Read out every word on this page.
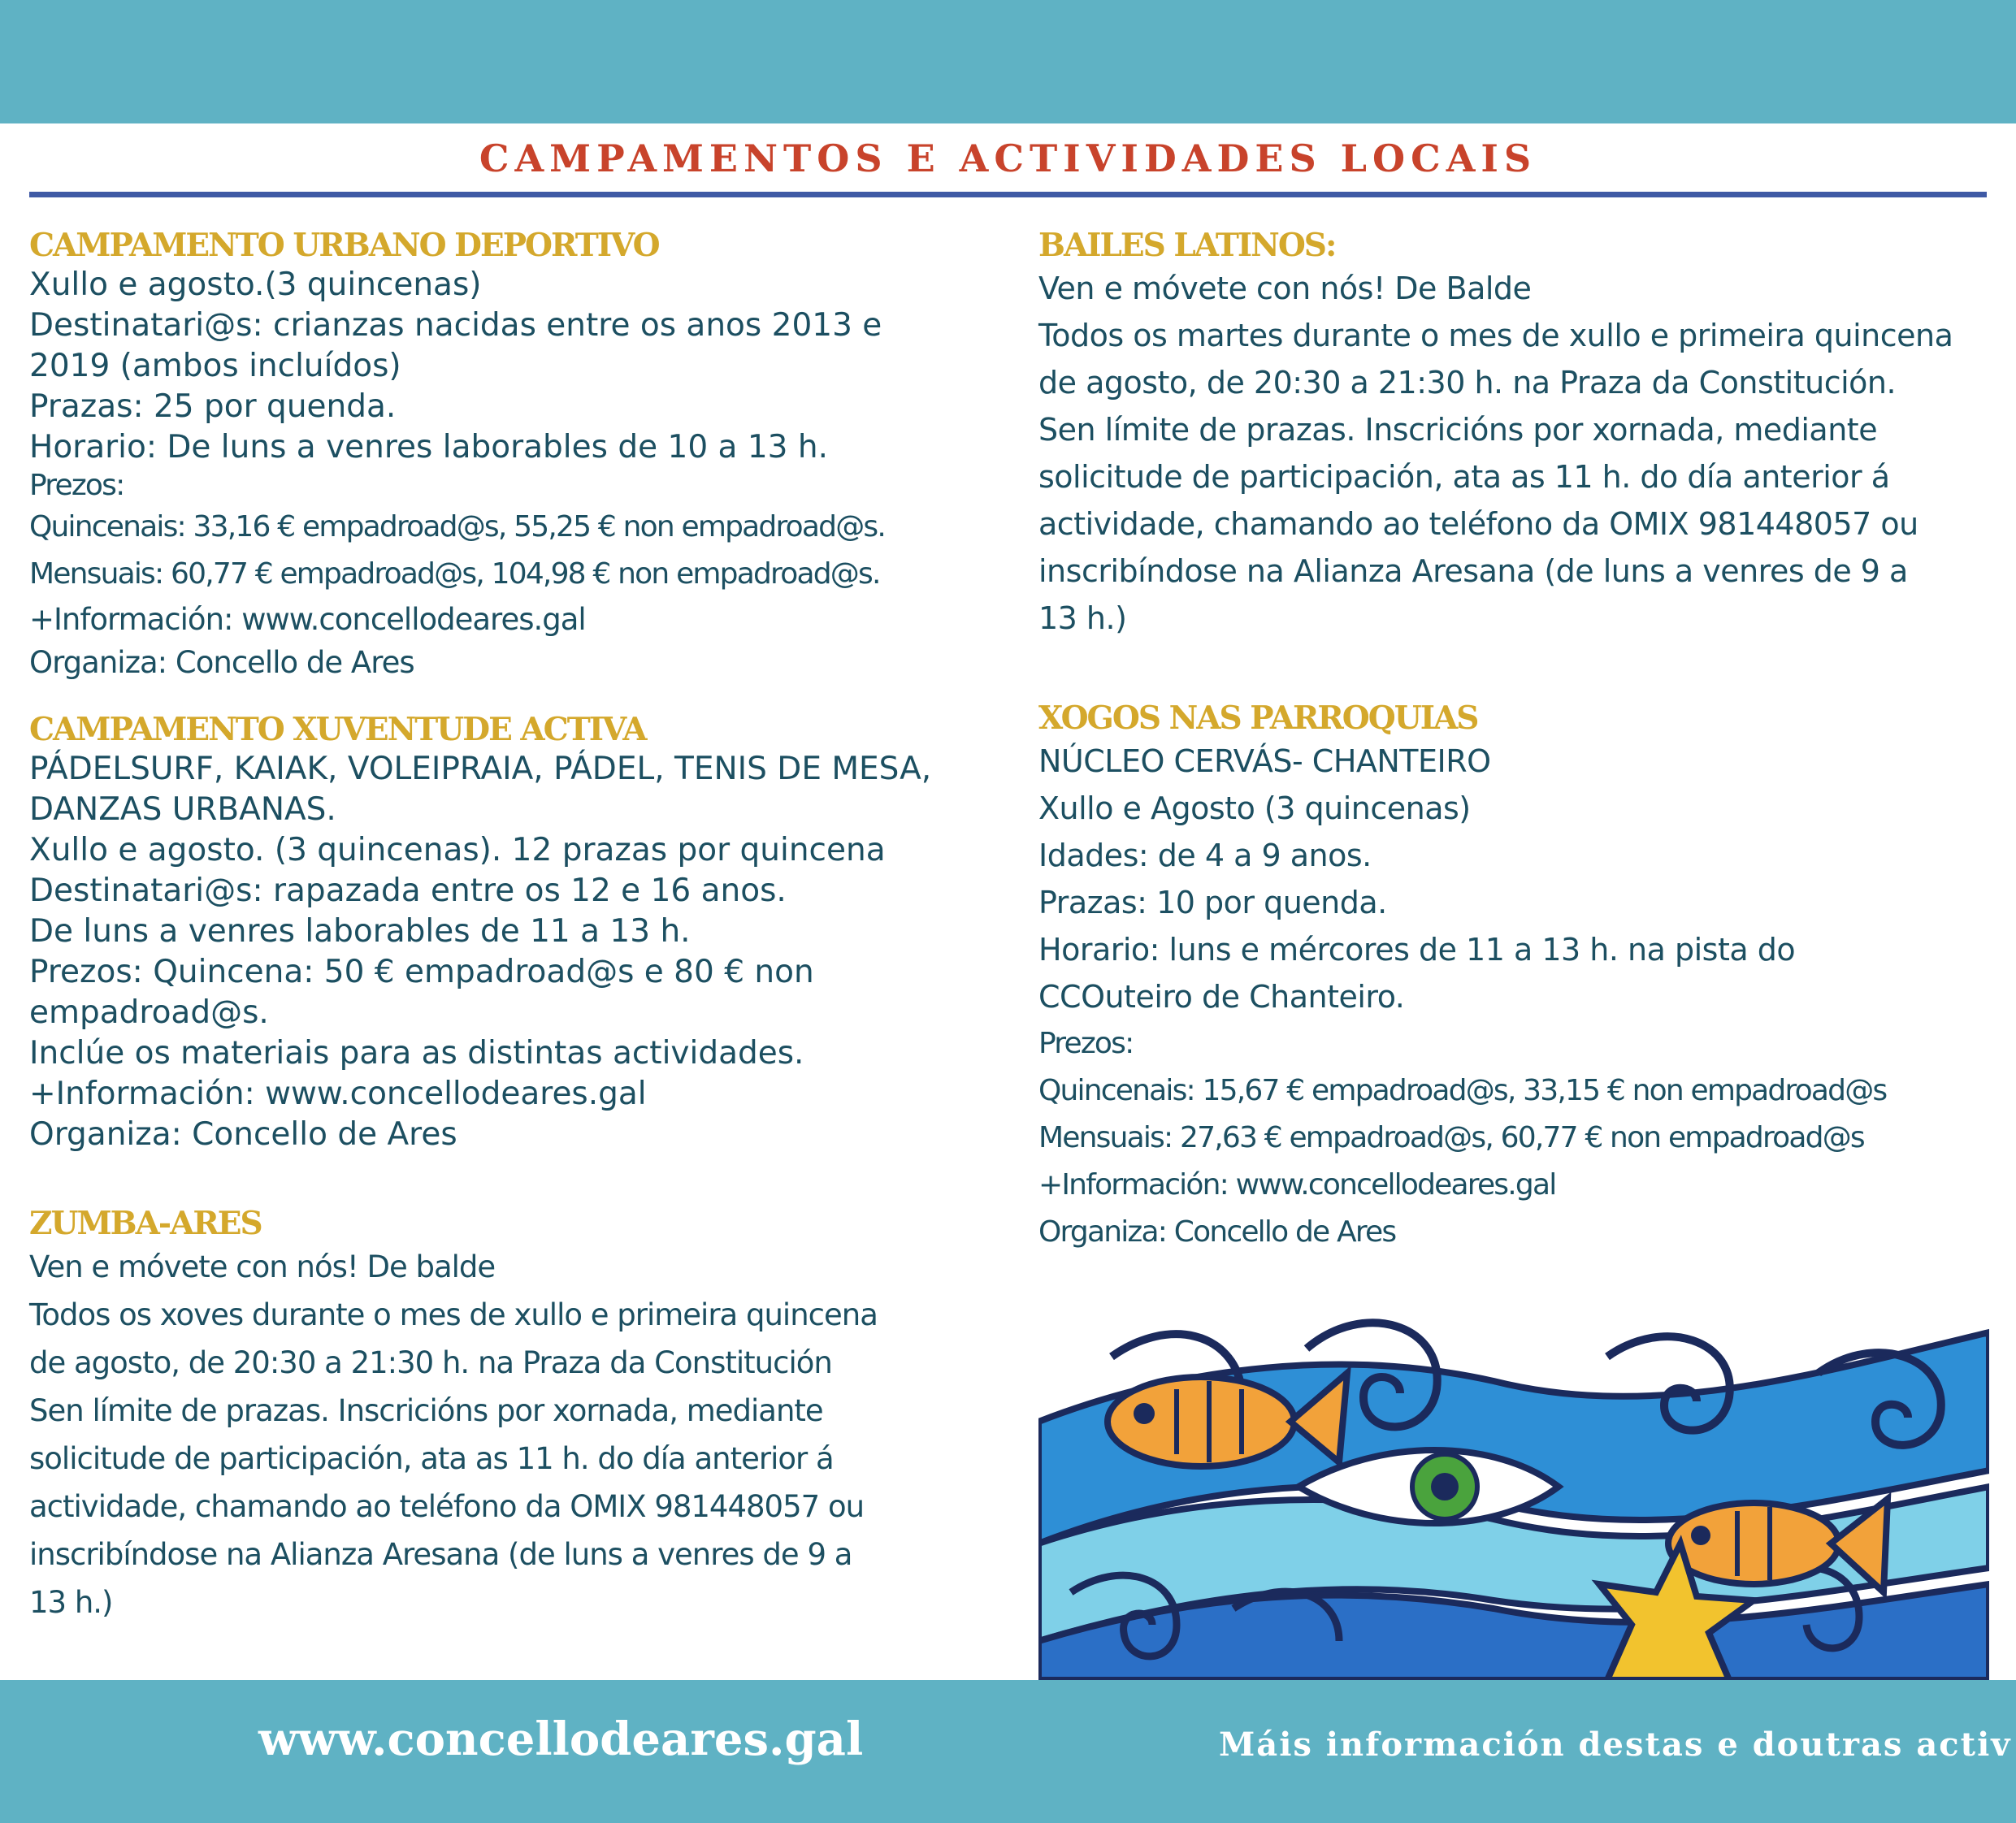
CAMPAMENTOS E ACTIVIDADES LOCAIS
CAMPAMENTO URBANO DEPORTIVO
Xullo e agosto.(3 quincenas)
Destinatari@s: crianzas nacidas entre os anos 2013 e
2019 (ambos incluídos)
Prazas: 25 por quenda.
Horario: De luns a venres laborables de 10 a 13 h.
Prezos:
Quincenais: 33,16 € empadroad@s, 55,25 € non empadroad@s.
Mensuais: 60,77 € empadroad@s, 104,98 € non empadroad@s.
+Información: www.concellodeares.gal
Organiza: Concello de Ares
CAMPAMENTO XUVENTUDE ACTIVA
PÁDELSURF, KAIAK, VOLEIPRAIA, PÁDEL, TENIS DE MESA,
DANZAS URBANAS.
Xullo e agosto. (3 quincenas). 12 prazas por quincena
Destinatari@s: rapazada entre os 12 e 16 anos.
De luns a venres laborables de 11 a 13 h.
Prezos: Quincena: 50 € empadroad@s e 80 € non
empadroad@s.
Inclúe os materiais para as distintas actividades.
+Información: www.concellodeares.gal
Organiza: Concello de Ares
ZUMBA-ARES
Ven e móvete con nós! De balde
Todos os xoves durante o mes de xullo e primeira quincena
de agosto, de 20:30 a 21:30 h. na Praza da Constitución
Sen límite de prazas. Inscricións por xornada, mediante
solicitude de participación, ata as 11 h. do día anterior á
actividade, chamando ao teléfono da OMIX 981448057 ou
inscribíndose na Alianza Aresana (de luns a venres de 9 a
13 h.)
BAILES LATINOS:
Ven e móvete con nós! De Balde
Todos os martes durante o mes de xullo e primeira quincena
de agosto, de 20:30 a 21:30 h. na Praza da Constitución.
Sen límite de prazas. Inscricións por xornada, mediante
solicitude de participación, ata as 11 h. do día anterior á
actividade, chamando ao teléfono da OMIX 981448057 ou
inscribíndose na Alianza Aresana (de luns a venres de 9 a
13 h.)
XOGOS NAS PARROQUIAS
NÚCLEO CERVÁS- CHANTEIRO
Xullo e Agosto (3 quincenas)
Idades: de 4 a 9 anos.
Prazas: 10 por quenda.
Horario: luns e mércores de 11 a 13 h. na pista do
CCOuteiro de Chanteiro.
Prezos:
Quincenais: 15,67 € empadroad@s, 33,15 € non empadroad@s
Mensuais: 27,63 € empadroad@s, 60,77 € non empadroad@s
+Información: www.concellodeares.gal
Organiza: Concello de Ares
www.concellodeares.gal	Máis información destas e doutras activ
